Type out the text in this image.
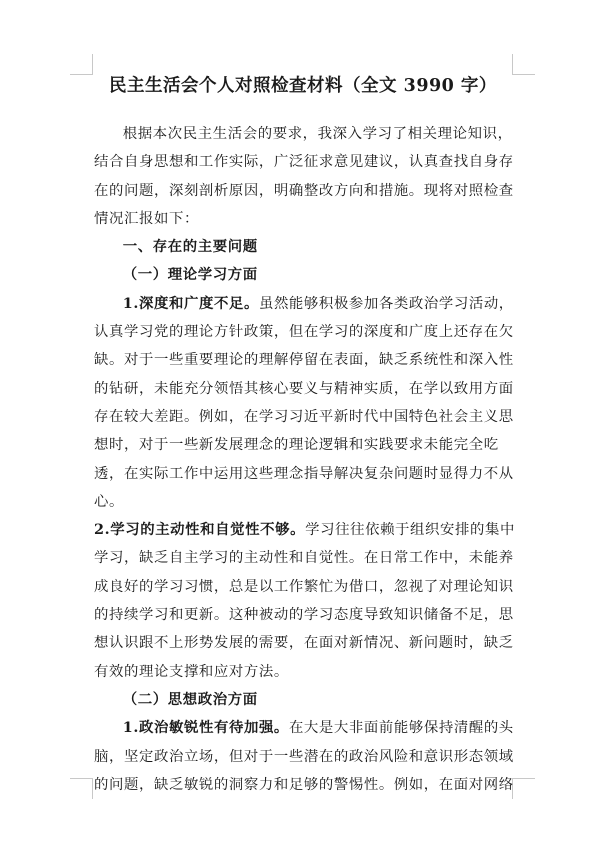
民主生活会个人对照检查材料（全文 3990 字）

根据本次民主生活会的要求，我深入学习了相关理论知识，结合自身思想和工作实际，广泛征求意见建议，认真查找自身存在的问题，深刻剖析原因，明确整改方向和措施。现将对照检查情况汇报如下：

一、存在的主要问题

（一）理论学习方面

1.深度和广度不足。虽然能够积极参加各类政治学习活动，认真学习党的理论方针政策，但在学习的深度和广度上还存在欠缺。对于一些重要理论的理解停留在表面，缺乏系统性和深入性的钻研，未能充分领悟其核心要义与精神实质，在学以致用方面存在较大差距。例如，在学习习近平新时代中国特色社会主义思想时，对于一些新发展理念的理论逻辑和实践要求未能完全吃透，在实际工作中运用这些理念指导解决复杂问题时显得力不从心。

2.学习的主动性和自觉性不够。学习往往依赖于组织安排的集中学习，缺乏自主学习的主动性和自觉性。在日常工作中，未能养成良好的学习习惯，总是以工作繁忙为借口，忽视了对理论知识的持续学习和更新。这种被动的学习态度导致知识储备不足，思想认识跟不上形势发展的需要，在面对新情况、新问题时，缺乏有效的理论支撑和应对方法。

（二）思想政治方面

1.政治敏锐性有待加强。在大是大非面前能够保持清醒的头脑，坚定政治立场，但对于一些潜在的政治风险和意识形态领域的问题，缺乏敏锐的洞察力和足够的警惕性。例如，在面对网络
